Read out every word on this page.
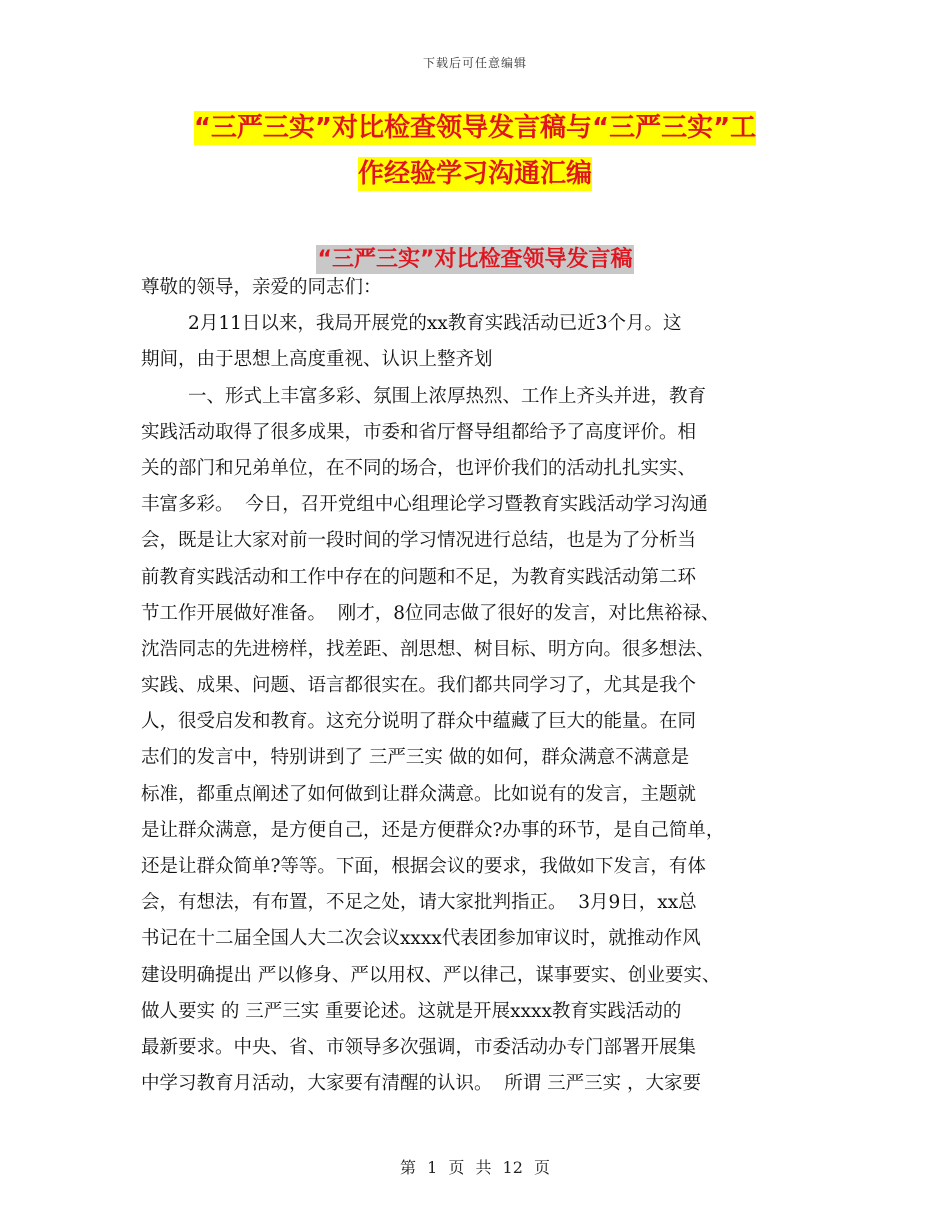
下载后可任意编辑
“三严三实”对比检查领导发言稿与“三严三实”工
作经验学习沟通汇编
“三严三实”对比检查领导发言稿
尊敬的领导，亲爱的同志们：
2月11日以来，我局开展党的xx教育实践活动已近3个月。这
期间，由于思想上高度重视、认识上整齐划
一、形式上丰富多彩、氛围上浓厚热烈、工作上齐头并进，教育
实践活动取得了很多成果，市委和省厅督导组都给予了高度评价。相
关的部门和兄弟单位，在不同的场合，也评价我们的活动扎扎实实、
丰富多彩。  今日，召开党组中心组理论学习暨教育实践活动学习沟通
会，既是让大家对前一段时间的学习情况进行总结，也是为了分析当
前教育实践活动和工作中存在的问题和不足，为教育实践活动第二环
节工作开展做好准备。  刚才，8位同志做了很好的发言，对比焦裕禄、
沈浩同志的先进榜样，找差距、剖思想、树目标、明方向。很多想法、
实践、成果、问题、语言都很实在。我们都共同学习了，尤其是我个
人，很受启发和教育。这充分说明了群众中蕴藏了巨大的能量。在同
志们的发言中，特别讲到了 三严三实 做的如何，群众满意不满意是
标准，都重点阐述了如何做到让群众满意。比如说有的发言，主题就
是让群众满意，是方便自己，还是方便群众?办事的环节，是自己简单，
还是让群众简单?等等。下面，根据会议的要求，我做如下发言，有体
会，有想法，有布置，不足之处，请大家批判指正。  3月9日，xx总
书记在十二届全国人大二次会议xxxx代表团参加审议时，就推动作风
建设明确提出 严以修身、严以用权、严以律己，谋事要实、创业要实、
做人要实 的 三严三实 重要论述。这就是开展xxxx教育实践活动的
最新要求。中央、省、市领导多次强调，市委活动办专门部署开展集
中学习教育月活动，大家要有清醒的认识。  所谓 三严三实 ，大家要
第 1 页 共 12 页
